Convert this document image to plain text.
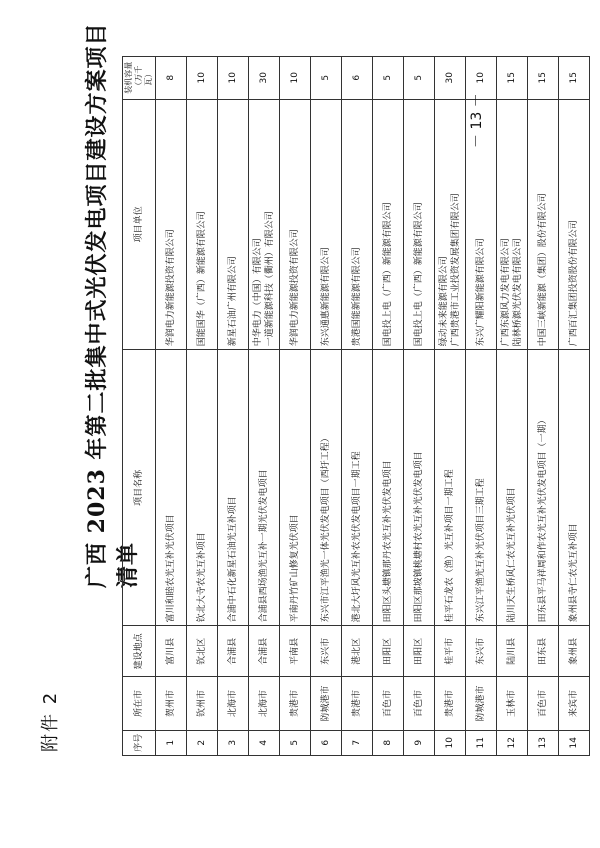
附件 2
广西 2023 年第二批集中式光伏发电项目建设方案项目清单
序号	所在市	建设地点	项目名称	项目单位	装机容量（万千瓦）
1	贺州市	富川县	富川和睦农光互补光伏项目	华润电力新能源投资有限公司	8
2	钦州市	钦北区	钦北大寺农光互补项目	国能国华（广西）新能源有限公司	10
3	北海市	合浦县	合浦中石化新星石油光互补项目	新星石油广州有限公司	10
4	北海市	合浦县	合浦县西场渔光互补一期光伏发电项目	中华电力（中国）有限公司 一道新能源科技（衢州）有限公司	30
5	贵港市	平南县	平南丹竹矿山修复光伏项目	华润电力新能源投资有限公司	10
6	防城港市	东兴市	东兴市江平渔光一体光伏发电项目（西圩工程）	东兴通惠新能源有限公司	5
7	贵港市	港北区	港北大圩风光互补农光伏发电项目一期工程	贵港国能新能源有限公司	6
8	百色市	田阳区	田阳区头塘镇那丹农光互补光伏发电项目	国电投上电（广西）新能源有限公司	5
9	百色市	田阳区	田阳区那坡镇桃塘村农光互补光伏发电项目	国电投上电（广西）新能源有限公司	5
10	贵港市	桂平市	桂平石龙农（渔）光互补项目一期工程	绿动未来能源有限公司 广西贵港市工业投资发展集团有限公司	30
11	防城港市	东兴市	东兴江平渔光互补光伏项目三期工程	东兴广耀阳新能源有限公司	10
12	玉林市	陆川县	陆川天生桥风仁农光互补光伏项目	广西东源风力发电有限公司 陆林桥源光伏发电有限公司	15
13	百色市	田东县	田东县平马祥周和作农光互补光伏发电项目（一期）	中国三峡新能源（集团）股份有限公司	15
14	来宾市	象州县	象州县寺仁农光互补项目	广西百汇集团投资股份有限公司	15
－ 13 －
